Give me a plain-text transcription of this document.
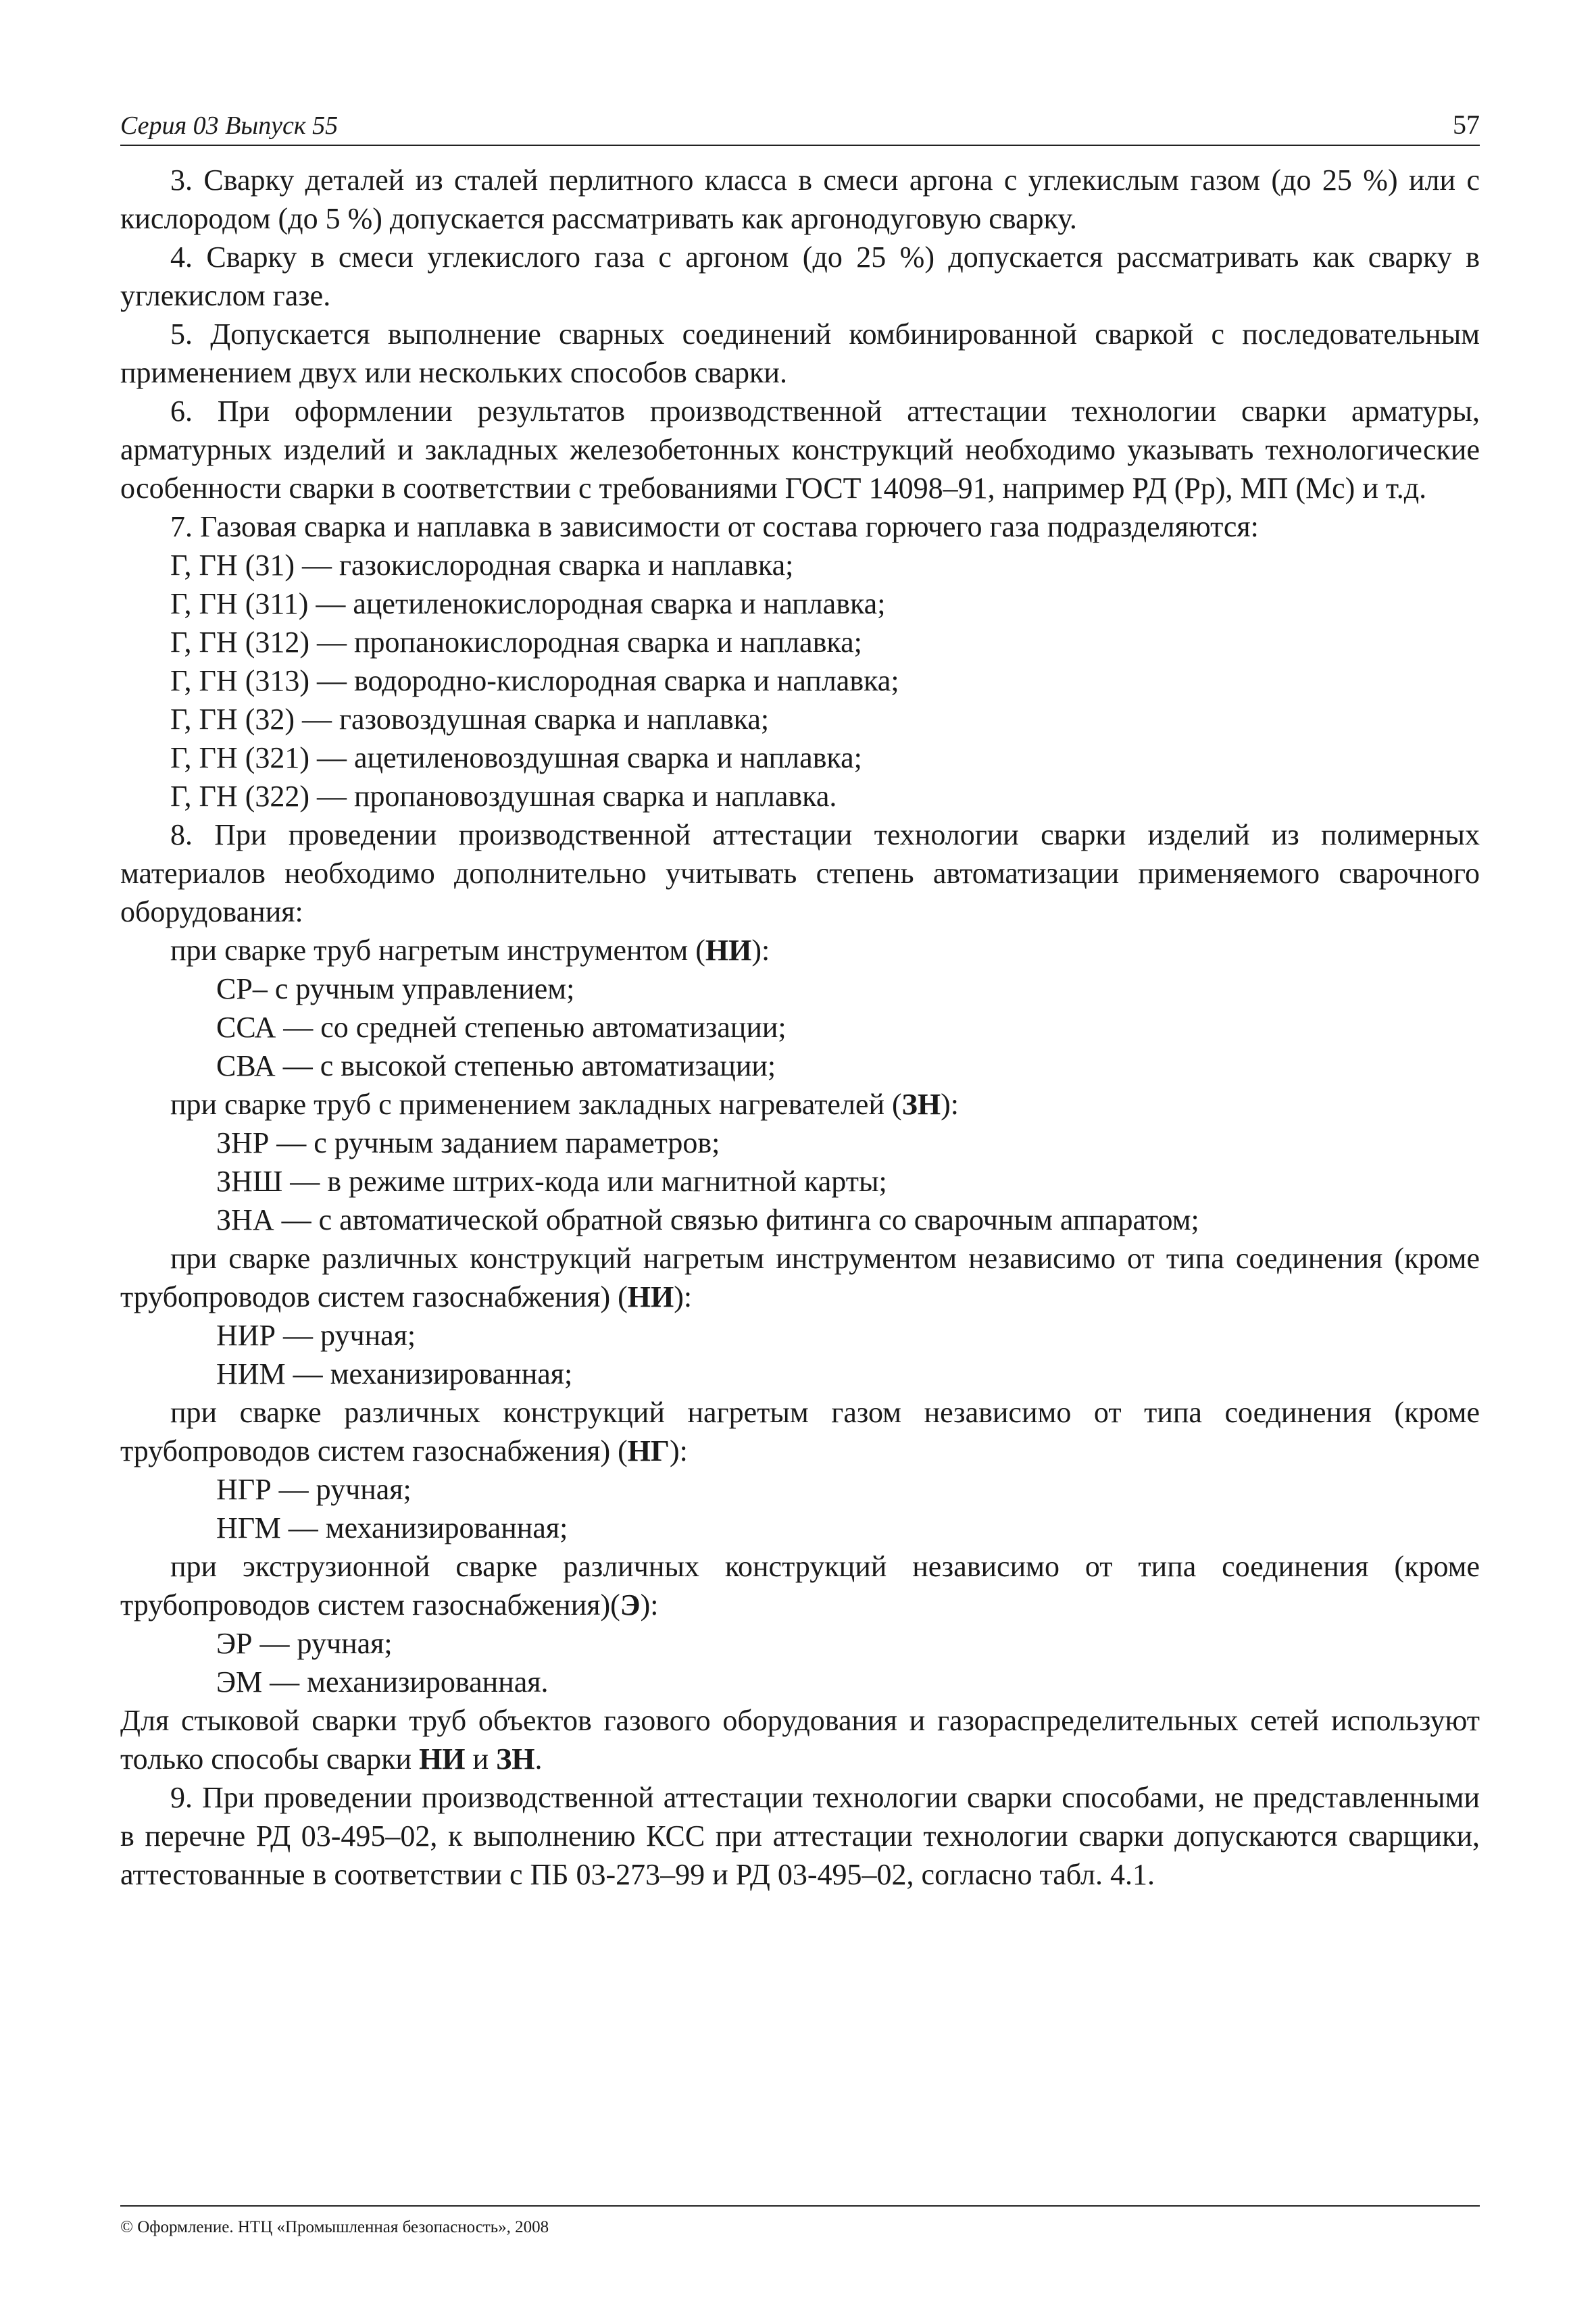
Серия 03 Выпуск 55	57

3. Сварку деталей из сталей перлитного класса в смеси аргона с углекислым газом (до 25 %) или с кислородом (до 5 %) допускается рассматривать как аргонодуговую сварку.

4. Сварку в смеси углекислого газа с аргоном (до 25 %) допускается рассматривать как сварку в углекислом газе.

5. Допускается выполнение сварных соединений комбинированной сваркой с последовательным применением двух или нескольких способов сварки.

6. При оформлении результатов производственной аттестации технологии сварки арматуры, арматурных изделий и закладных железобетонных конструкций необходимо указывать технологические особенности сварки в соответствии с требованиями ГОСТ 14098–91, например РД (Рр), МП (Мс) и т.д.

7. Газовая сварка и наплавка в зависимости от состава горючего газа подразделяются:

Г, ГН (31) — газокислородная сварка и наплавка;

Г, ГН (311) — ацетиленокислородная сварка и наплавка;

Г, ГН (312) — пропанокислородная сварка и наплавка;

Г, ГН (313) — водородно-кислородная сварка и наплавка;

Г, ГН (32) — газовоздушная сварка и наплавка;

Г, ГН (321) — ацетиленовоздушная сварка и наплавка;

Г, ГН (322) — пропановоздушная сварка и наплавка.

8. При проведении производственной аттестации технологии сварки изделий из полимерных материалов необходимо дополнительно учитывать степень автоматизации применяемого сварочного оборудования:

при сварке труб нагретым инструментом (НИ):

СР– с ручным управлением;

ССА — со средней степенью автоматизации;

СВА — с высокой степенью автоматизации;

при сварке труб с применением закладных нагревателей (ЗН):

ЗНР — с ручным заданием параметров;

ЗНШ — в режиме штрих-кода или магнитной карты;

ЗНА — с автоматической обратной связью фитинга со сварочным аппаратом;

при сварке различных конструкций нагретым инструментом независимо от типа соединения (кроме трубопроводов систем газоснабжения) (НИ):

НИР — ручная;

НИМ — механизированная;

при сварке различных конструкций нагретым газом независимо от типа соединения (кроме трубопроводов систем газоснабжения) (НГ):

НГР — ручная;

НГМ — механизированная;

при экструзионной сварке различных конструкций независимо от типа соединения (кроме трубопроводов систем газоснабжения)(Э):

ЭР — ручная;

ЭМ — механизированная.

Для стыковой сварки труб объектов газового оборудования и газораспределительных сетей используют только способы сварки НИ и ЗН.

9. При проведении производственной аттестации технологии сварки способами, не представленными в перечне РД 03-495–02, к выполнению КСС при аттестации технологии сварки допускаются сварщики, аттестованные в соответствии с ПБ 03-273–99 и РД 03-495–02, согласно табл. 4.1.

© Оформление. НТЦ «Промышленная безопасность», 2008
